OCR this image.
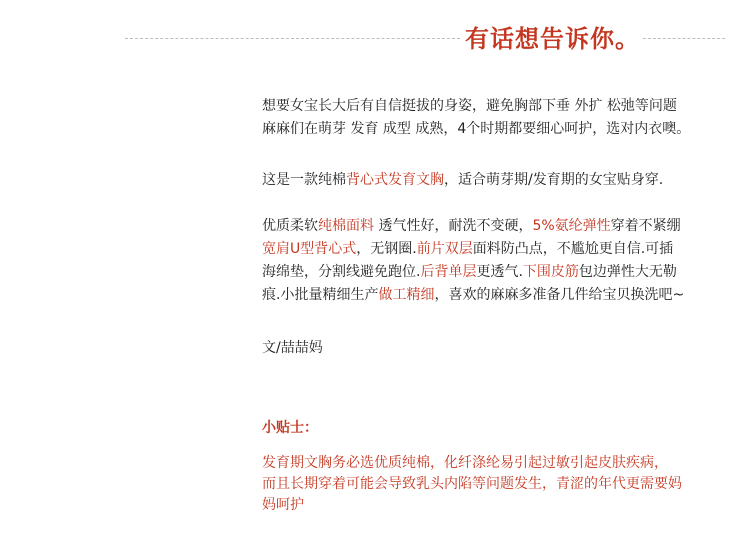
有话想告诉你。
想要女宝长大后有自信挺拔的身姿，避免胸部下垂 外扩 松弛等问题
麻麻们在萌芽 发育 成型 成熟，4个时期都要细心呵护，选对内衣噢。
这是一款纯棉背心式发育文胸，适合萌芽期/发育期的女宝贴身穿.
优质柔软纯棉面料 透气性好，耐洗不变硬，5%氨纶弹性穿着不紧绷
宽肩U型背心式，无钢圈.前片双层面料防凸点，不尴尬更自信.可插
海绵垫，分割线避免跑位.后背单层更透气.下围皮筋包边弹性大无勒
痕.小批量精细生产做工精细，喜欢的麻麻多准备几件给宝贝换洗吧~
文/喆喆妈
小贴士：
发育期文胸务必选优质纯棉，化纤涤纶易引起过敏引起皮肤疾病，
而且长期穿着可能会导致乳头内陷等问题发生，青涩的年代更需要妈
妈呵护
